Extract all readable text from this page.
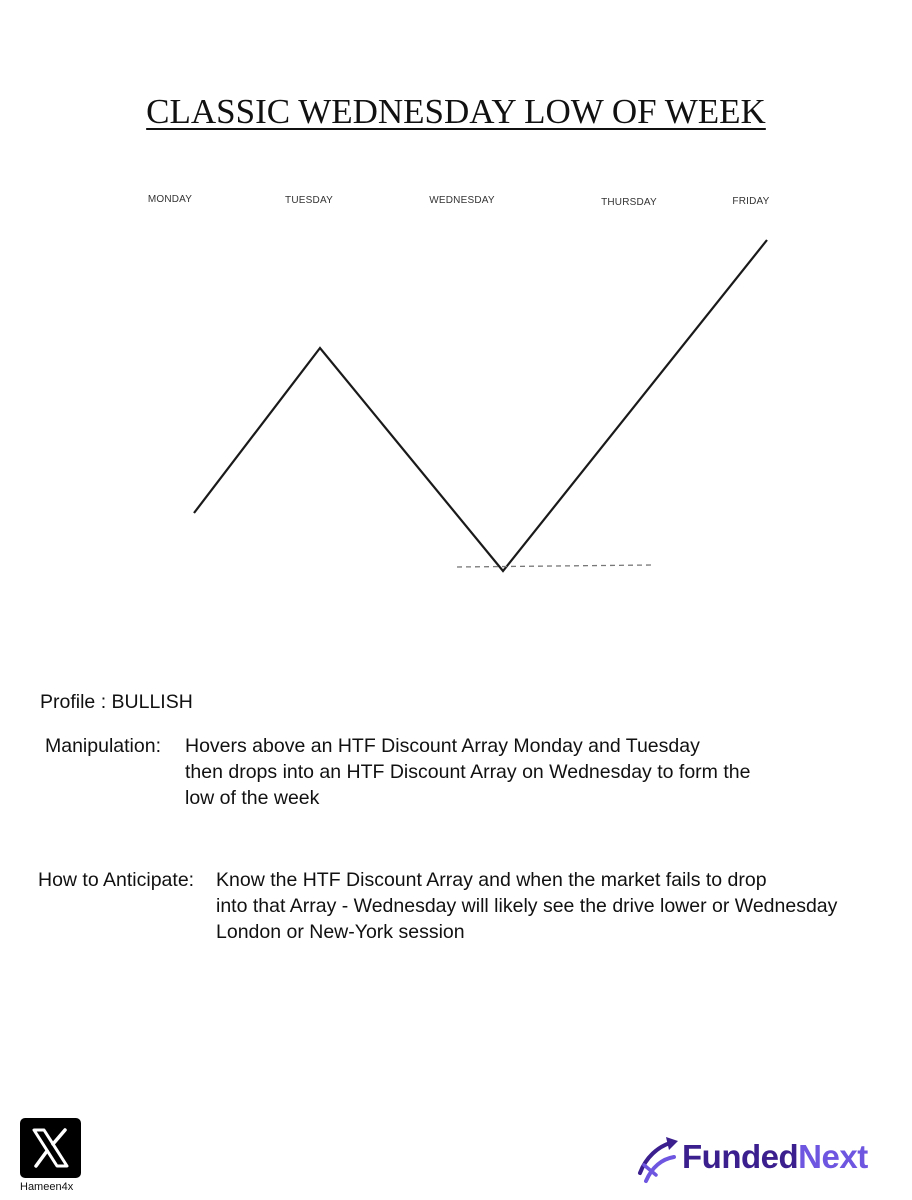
CLASSIC WEDNESDAY LOW OF WEEK
MONDAY	TUESDAY	WEDNESDAY	THURSDAY	FRIDAY
Profile : BULLISH
Manipulation: Hovers above an HTF Discount Array Monday and Tuesday
then drops into an HTF Discount Array on Wednesday to form the
low of the week
How to Anticipate: Know the HTF Discount Array and when the market fails to drop
into that Array - Wednesday will likely see the drive lower or Wednesday
London or New-York session
Hameen4x
FundedNext
